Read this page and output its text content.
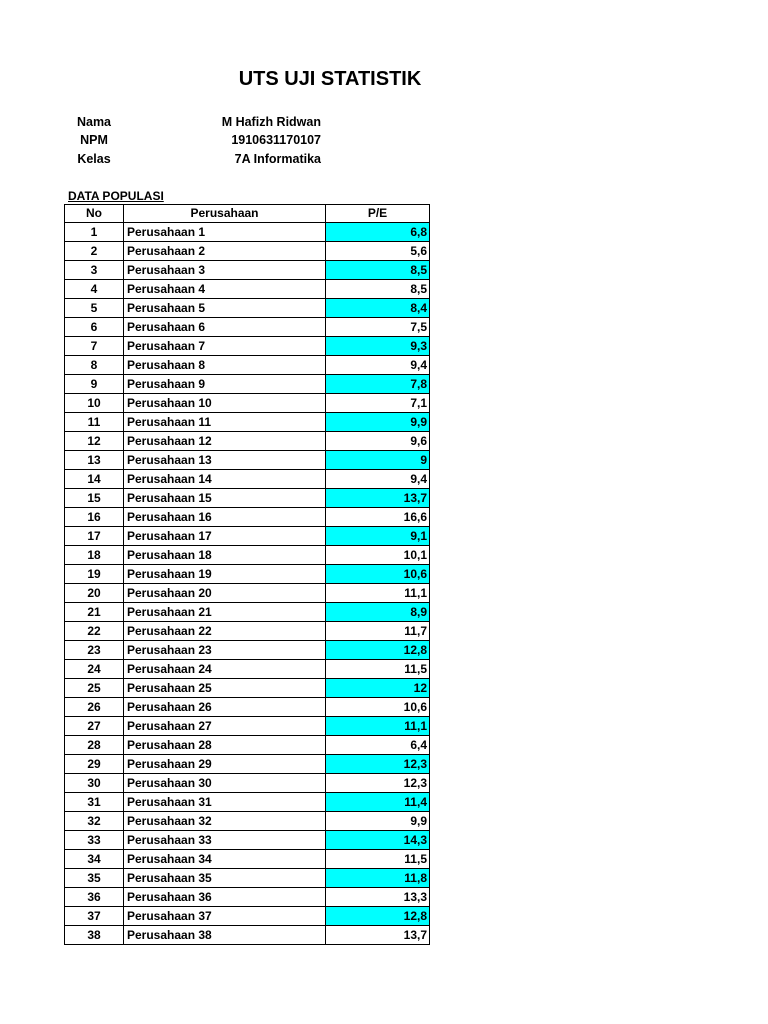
UTS UJI STATISTIK
Nama	M Hafizh Ridwan
NPM	1910631170107
Kelas	7A Informatika
DATA POPULASI
No	Perusahaan	P/E
1	Perusahaan 1	6,8
2	Perusahaan 2	5,6
3	Perusahaan 3	8,5
4	Perusahaan 4	8,5
5	Perusahaan 5	8,4
6	Perusahaan 6	7,5
7	Perusahaan 7	9,3
8	Perusahaan 8	9,4
9	Perusahaan 9	7,8
10	Perusahaan 10	7,1
11	Perusahaan 11	9,9
12	Perusahaan 12	9,6
13	Perusahaan 13	9
14	Perusahaan 14	9,4
15	Perusahaan 15	13,7
16	Perusahaan 16	16,6
17	Perusahaan 17	9,1
18	Perusahaan 18	10,1
19	Perusahaan 19	10,6
20	Perusahaan 20	11,1
21	Perusahaan 21	8,9
22	Perusahaan 22	11,7
23	Perusahaan 23	12,8
24	Perusahaan 24	11,5
25	Perusahaan 25	12
26	Perusahaan 26	10,6
27	Perusahaan 27	11,1
28	Perusahaan 28	6,4
29	Perusahaan 29	12,3
30	Perusahaan 30	12,3
31	Perusahaan 31	11,4
32	Perusahaan 32	9,9
33	Perusahaan 33	14,3
34	Perusahaan 34	11,5
35	Perusahaan 35	11,8
36	Perusahaan 36	13,3
37	Perusahaan 37	12,8
38	Perusahaan 38	13,7
